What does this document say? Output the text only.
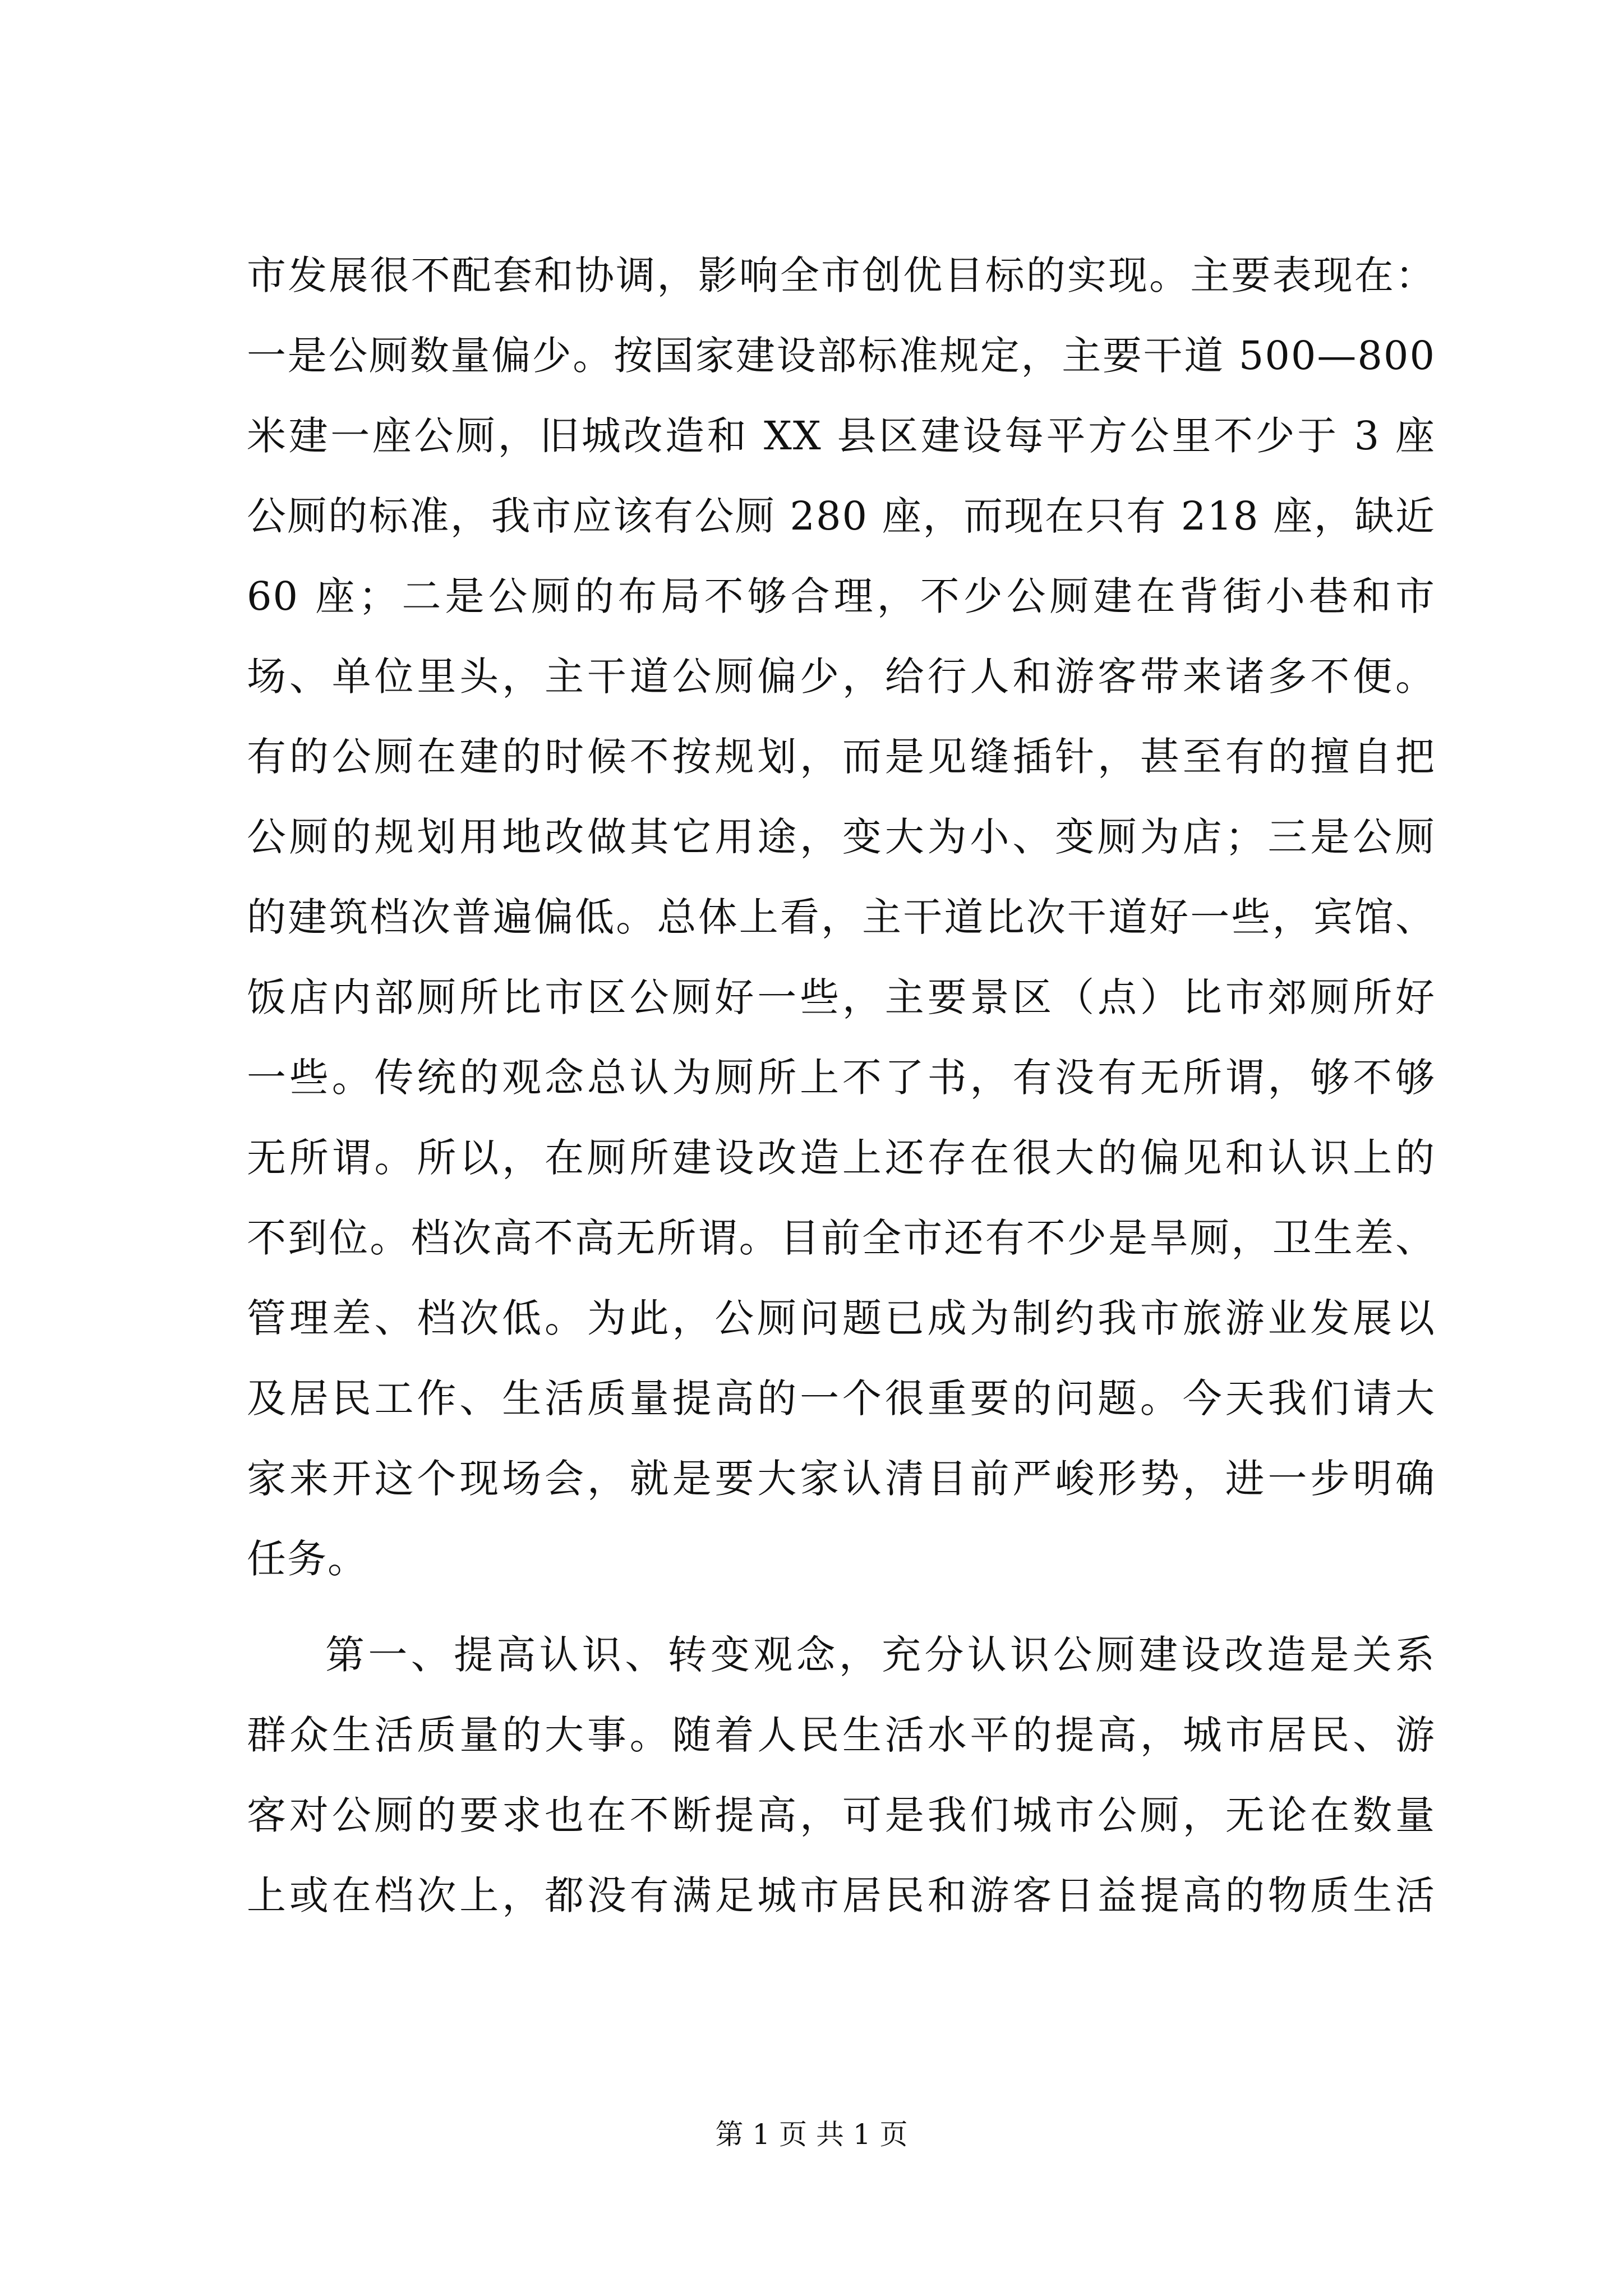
市发展很不配套和协调，影响全市创优目标的实现。主要表现在：
一是公厕数量偏少。按国家建设部标准规定，主要干道 500—800
米建一座公厕，旧城改造和 XX 县区建设每平方公里不少于 3 座
公厕的标准，我市应该有公厕 280 座，而现在只有 218 座，缺近
60 座；二是公厕的布局不够合理，不少公厕建在背街小巷和市
场、单位里头，主干道公厕偏少，给行人和游客带来诸多不便。
有的公厕在建的时候不按规划，而是见缝插针，甚至有的擅自把
公厕的规划用地改做其它用途，变大为小、变厕为店；三是公厕
的建筑档次普遍偏低。总体上看，主干道比次干道好一些，宾馆、
饭店内部厕所比市区公厕好一些，主要景区（点）比市郊厕所好
一些。传统的观念总认为厕所上不了书，有没有无所谓，够不够
无所谓。所以，在厕所建设改造上还存在很大的偏见和认识上的
不到位。档次高不高无所谓。目前全市还有不少是旱厕，卫生差、
管理差、档次低。为此，公厕问题已成为制约我市旅游业发展以
及居民工作、生活质量提高的一个很重要的问题。今天我们请大
家来开这个现场会，就是要大家认清目前严峻形势，进一步明确
任务。
第一、提高认识、转变观念，充分认识公厕建设改造是关系
群众生活质量的大事。随着人民生活水平的提高，城市居民、游
客对公厕的要求也在不断提高，可是我们城市公厕，无论在数量
上或在档次上，都没有满足城市居民和游客日益提高的物质生活
第 1 页 共 1 页
